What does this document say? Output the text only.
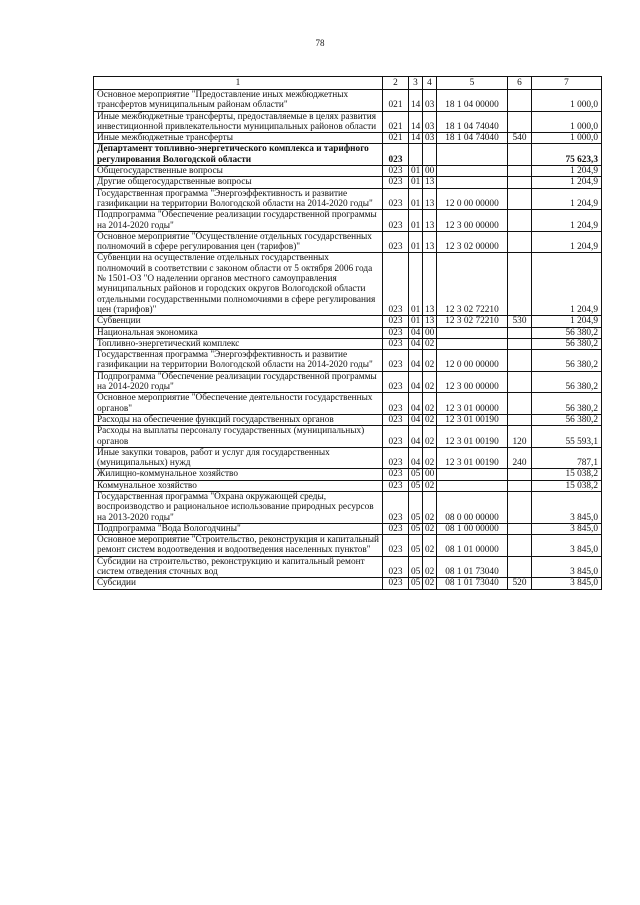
78
1	2	3	4	5	6	7
Основное мероприятие "Предоставление иных межбюджетных трансфертов муниципальным районам области"	021	14	03	18 1 04 00000		1 000,0
Иные межбюджетные трансферты, предоставляемые в целях развития инвестиционной привлекательности муниципальных районов области	021	14	03	18 1 04 74040		1 000,0
Иные межбюджетные трансферты	021	14	03	18 1 04 74040	540	1 000,0
Департамент топливно-энергетического комплекса и тарифного регулирования Вологодской области	023					75 623,3
Общегосударственные вопросы	023	01	00			1 204,9
Другие общегосударственные вопросы	023	01	13			1 204,9
Государственная программа "Энергоэффективность и развитие газификации на территории Вологодской области на 2014-2020 годы"	023	01	13	12 0 00 00000		1 204,9
Подпрограмма "Обеспечение реализации государственной программы на 2014-2020 годы"	023	01	13	12 3 00 00000		1 204,9
Основное мероприятие "Осуществление отдельных государственных полномочий в сфере регулирования цен (тарифов)"	023	01	13	12 3 02 00000		1 204,9
Субвенции на осуществление отдельных государственных полномочий в соответствии с законом области от 5 октября 2006 года № 1501-ОЗ "О наделении органов местного самоуправления муниципальных районов и городских округов Вологодской области отдельными государственными полномочиями в сфере регулирования цен (тарифов)"	023	01	13	12 3 02 72210		1 204,9
Субвенции	023	01	13	12 3 02 72210	530	1 204,9
Национальная экономика	023	04	00			56 380,2
Топливно-энергетический комплекс	023	04	02			56 380,2
Государственная программа "Энергоэффективность и развитие газификации на территории Вологодской области на 2014-2020 годы"	023	04	02	12 0 00 00000		56 380,2
Подпрограмма "Обеспечение реализации государственной программы на 2014-2020 годы"	023	04	02	12 3 00 00000		56 380,2
Основное мероприятие "Обеспечение деятельности государственных органов"	023	04	02	12 3 01 00000		56 380,2
Расходы на обеспечение функций государственных органов	023	04	02	12 3 01 00190		56 380,2
Расходы на выплаты персоналу государственных (муниципальных) органов	023	04	02	12 3 01 00190	120	55 593,1
Иные закупки товаров, работ и услуг для государственных (муниципальных) нужд	023	04	02	12 3 01 00190	240	787,1
Жилищно-коммунальное хозяйство	023	05	00			15 038,2
Коммунальное хозяйство	023	05	02			15 038,2
Государственная программа "Охрана окружающей среды, воспроизводство и рациональное использование природных ресурсов на 2013-2020 годы"	023	05	02	08 0 00 00000		3 845,0
Подпрограмма "Вода Вологодчины"	023	05	02	08 1 00 00000		3 845,0
Основное мероприятие "Строительство, реконструкция и капитальный ремонт систем водоотведения и водоотведения населенных пунктов"	023	05	02	08 1 01 00000		3 845,0
Субсидии на строительство, реконструкцию и капитальный ремонт систем отведения сточных вод	023	05	02	08 1 01 73040		3 845,0
Субсидии	023	05	02	08 1 01 73040	520	3 845,0
